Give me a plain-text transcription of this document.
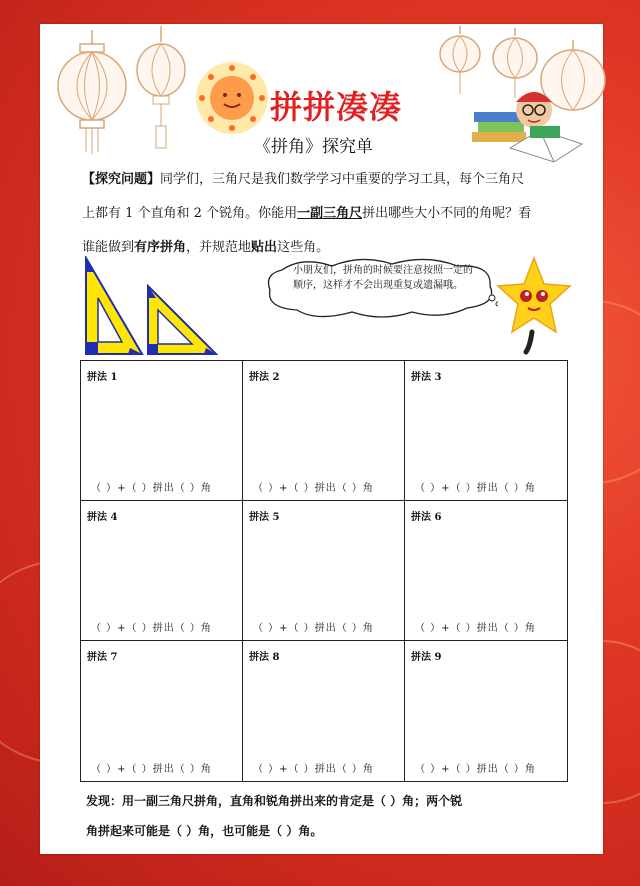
拼拼凑凑
《拼角》探究单
【探究问题】同学们，三角尺是我们数学学习中重要的学习工具，每个三角尺
上都有 1 个直角和 2 个锐角。你能用一副三角尺拼出哪些大小不同的角呢？看
谁能做到有序拼角，并规范地贴出这些角。
小朋友们，拼角的时候要注意按照一定的顺序，这样才不会出现重复或遗漏哦。
拼法 1
（ ）+（ ）拼出（ ）角
拼法 2
（ ）+（ ）拼出（ ）角
拼法 3
（ ）+（ ）拼出（ ）角
拼法 4
（ ）+（ ）拼出（ ）角
拼法 5
（ ）+（ ）拼出（ ）角
拼法 6
（ ）+（ ）拼出（ ）角
拼法 7
（ ）+（ ）拼出（ ）角
拼法 8
（ ）+（ ）拼出（ ）角
拼法 9
（ ）+（ ）拼出（ ）角
发现：用一副三角尺拼角，直角和锐角拼出来的肯定是（ ）角；两个锐
角拼起来可能是（ ）角，也可能是（ ）角。
